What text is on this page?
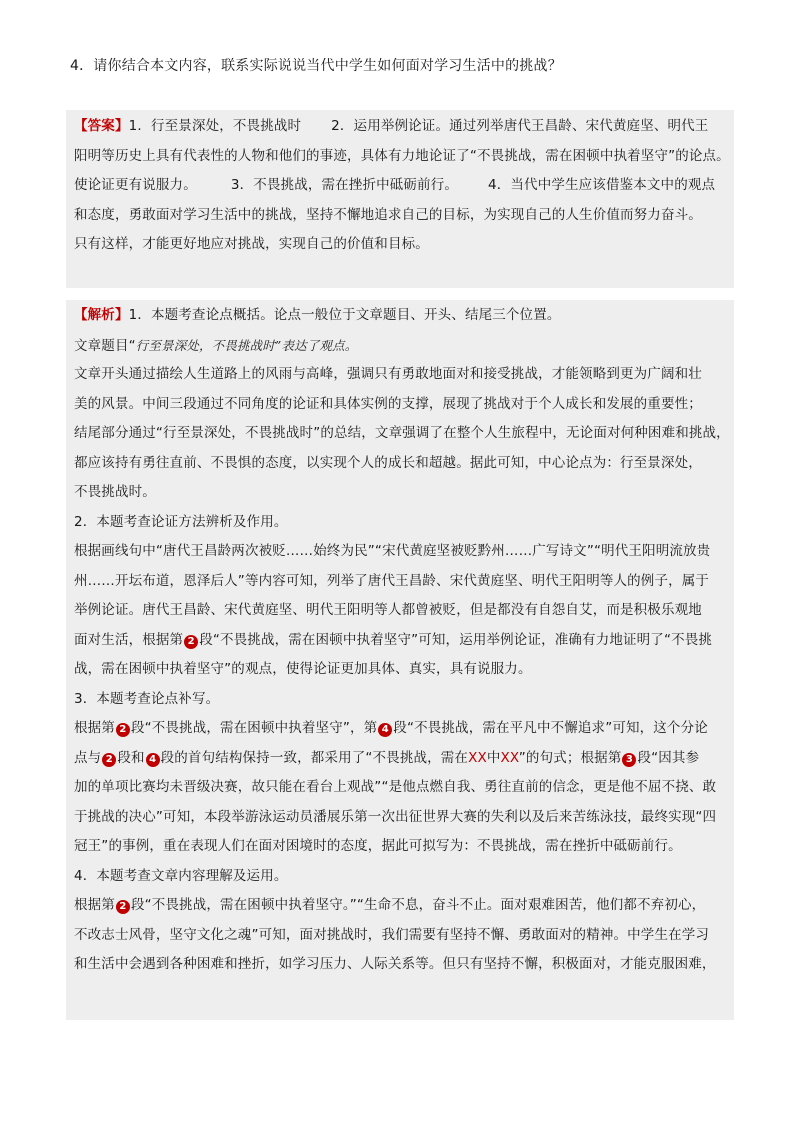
4．请你结合本文内容，联系实际说说当代中学生如何面对学习生活中的挑战？
【答案】1．行至景深处，不畏挑战时 2．运用举例论证。通过列举唐代王昌龄、宋代黄庭坚、明代王
阳明等历史上具有代表性的人物和他们的事迹，具体有力地论证了“不畏挑战，需在困顿中执着坚守”的论点。
使论证更有说服力。	3．不畏挑战，需在挫折中砥砺前行。 4．当代中学生应该借鉴本文中的观点
和态度，勇敢面对学习生活中的挑战，坚持不懈地追求自己的目标，为实现自己的人生价值而努力奋斗。
只有这样，才能更好地应对挑战，实现自己的价值和目标。
【解析】1．本题考查论点概括。论点一般位于文章题目、开头、结尾三个位置。
文章题目“行至景深处，不畏挑战时”表达了观点。
文章开头通过描绘人生道路上的风雨与高峰，强调只有勇敢地面对和接受挑战，才能领略到更为广阔和壮
美的风景。中间三段通过不同角度的论证和具体实例的支撑，展现了挑战对于个人成长和发展的重要性；
结尾部分通过“行至景深处，不畏挑战时”的总结，文章强调了在整个人生旅程中，无论面对何种困难和挑战，
都应该持有勇往直前、不畏惧的态度，以实现个人的成长和超越。据此可知，中心论点为：行至景深处，
不畏挑战时。
2．本题考查论证方法辨析及作用。
根据画线句中“唐代王昌龄两次被贬……始终为民”“宋代黄庭坚被贬黔州……广写诗文”“明代王阳明流放贵
州……开坛布道，恩泽后人”等内容可知，列举了唐代王昌龄、宋代黄庭坚、明代王阳明等人的例子，属于
举例论证。唐代王昌龄、宋代黄庭坚、明代王阳明等人都曾被贬，但是都没有自怨自艾，而是积极乐观地
面对生活，根据第 2 段“不畏挑战，需在困顿中执着坚守”可知，运用举例论证，准确有力地证明了“不畏挑
战，需在困顿中执着坚守”的观点，使得论证更加具体、真实，具有说服力。
3．本题考查论点补写。
根据第 2 段“不畏挑战，需在困顿中执着坚守”，第 4 段“不畏挑战，需在平凡中不懈追求”可知，这个分论
点与 2 段和 4 段的首句结构保持一致，都采用了“不畏挑战，需在XX中XX”的句式；根据第 3 段“因其参
加的单项比赛均未晋级决赛，故只能在看台上观战”“是他点燃自我、勇往直前的信念，更是他不屈不挠、敢
于挑战的决心”可知，本段举游泳运动员潘展乐第一次出征世界大赛的失利以及后来苦练泳技，最终实现“四
冠王”的事例，重在表现人们在面对困境时的态度，据此可拟写为：不畏挑战，需在挫折中砥砺前行。
4．本题考查文章内容理解及运用。
根据第 2 段“不畏挑战，需在困顿中执着坚守。”“生命不息，奋斗不止。面对艰难困苦，他们都不弃初心，
不改志士风骨，坚守文化之魂”可知，面对挑战时，我们需要有坚持不懈、勇敢面对的精神。中学生在学习
和生活中会遇到各种困难和挫折，如学习压力、人际关系等。但只有坚持不懈，积极面对，才能克服困难，
